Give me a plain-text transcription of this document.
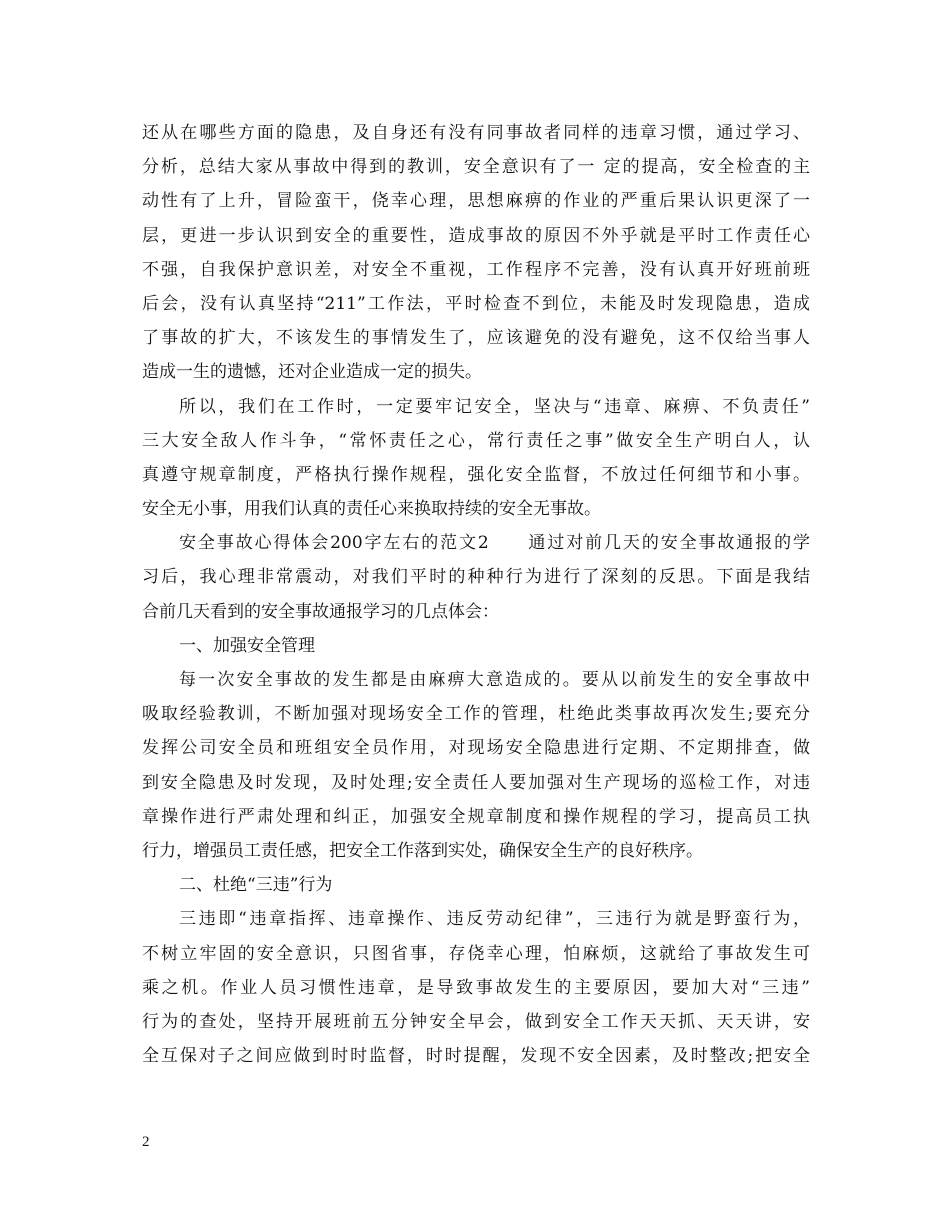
还从在哪些方面的隐患，及自身还有没有同事故者同样的违章习惯，通过学习、
分析，总结大家从事故中得到的教训，安全意识有了一 定的提高，安全检查的主
动性有了上升，冒险蛮干，侥幸心理，思想麻痹的作业的严重后果认识更深了一
层，更进一步认识到安全的重要性，造成事故的原因不外乎就是平时工作责任心
不强，自我保护意识差，对安全不重视，工作程序不完善，没有认真开好班前班
后会，没有认真坚持“211”工作法，平时检查不到位，未能及时发现隐患，造成
了事故的扩大，不该发生的事情发生了，应该避免的没有避免，这不仅给当事人
造成一生的遗憾，还对企业造成一定的损失。
所以，我们在工作时，一定要牢记安全，坚决与“违章、麻痹、不负责任”
三大安全敌人作斗争，“常怀责任之心，常行责任之事”做安全生产明白人，认
真遵守规章制度，严格执行操作规程，强化安全监督，不放过任何细节和小事。
安全无小事，用我们认真的责任心来换取持续的安全无事故。
安全事故心得体会200字左右的范文2　　通过对前几天的安全事故通报的学
习后，我心理非常震动，对我们平时的种种行为进行了深刻的反思。下面是我结
合前几天看到的安全事故通报学习的几点体会：
一、加强安全管理
每一次安全事故的发生都是由麻痹大意造成的。要从以前发生的安全事故中
吸取经验教训，不断加强对现场安全工作的管理，杜绝此类事故再次发生;要充分
发挥公司安全员和班组安全员作用，对现场安全隐患进行定期、不定期排查，做
到安全隐患及时发现，及时处理;安全责任人要加强对生产现场的巡检工作，对违
章操作进行严肃处理和纠正，加强安全规章制度和操作规程的学习，提高员工执
行力，增强员工责任感，把安全工作落到实处，确保安全生产的良好秩序。
二、杜绝“三违”行为
三违即“违章指挥、违章操作、违反劳动纪律”，三违行为就是野蛮行为，
不树立牢固的安全意识，只图省事，存侥幸心理，怕麻烦，这就给了事故发生可
乘之机。作业人员习惯性违章，是导致事故发生的主要原因，要加大对“三违”
行为的查处，坚持开展班前五分钟安全早会，做到安全工作天天抓、天天讲，安
全互保对子之间应做到时时监督，时时提醒，发现不安全因素，及时整改;把安全
2
